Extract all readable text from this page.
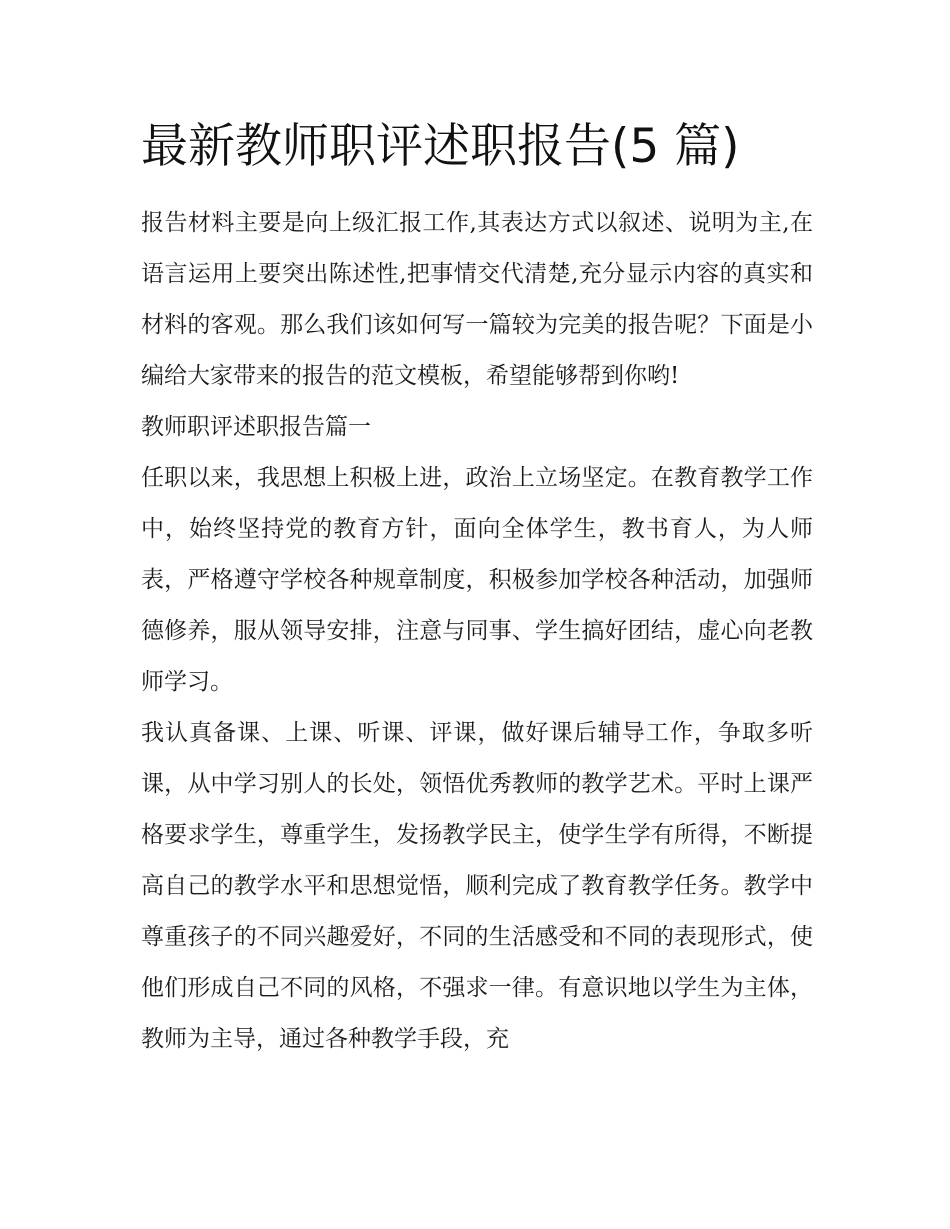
最新教师职评述职报告(5 篇)

报告材料主要是向上级汇报工作,其表达方式以叙述、说明为主,在语言运用上要突出陈述性,把事情交代清楚,充分显示内容的真实和材料的客观。那么我们该如何写一篇较为完美的报告呢？下面是小编给大家带来的报告的范文模板，希望能够帮到你哟!

教师职评述职报告篇一

任职以来，我思想上积极上进，政治上立场坚定。在教育教学工作中，始终坚持党的教育方针，面向全体学生，教书育人，为人师表，严格遵守学校各种规章制度，积极参加学校各种活动，加强师德修养，服从领导安排，注意与同事、学生搞好团结，虚心向老教师学习。

我认真备课、上课、听课、评课，做好课后辅导工作，争取多听课，从中学习别人的长处，领悟优秀教师的教学艺术。平时上课严格要求学生，尊重学生，发扬教学民主，使学生学有所得，不断提高自己的教学水平和思想觉悟，顺利完成了教育教学任务。教学中尊重孩子的不同兴趣爱好，不同的生活感受和不同的表现形式，使他们形成自己不同的风格，不强求一律。有意识地以学生为主体，教师为主导，通过各种教学手段，充
